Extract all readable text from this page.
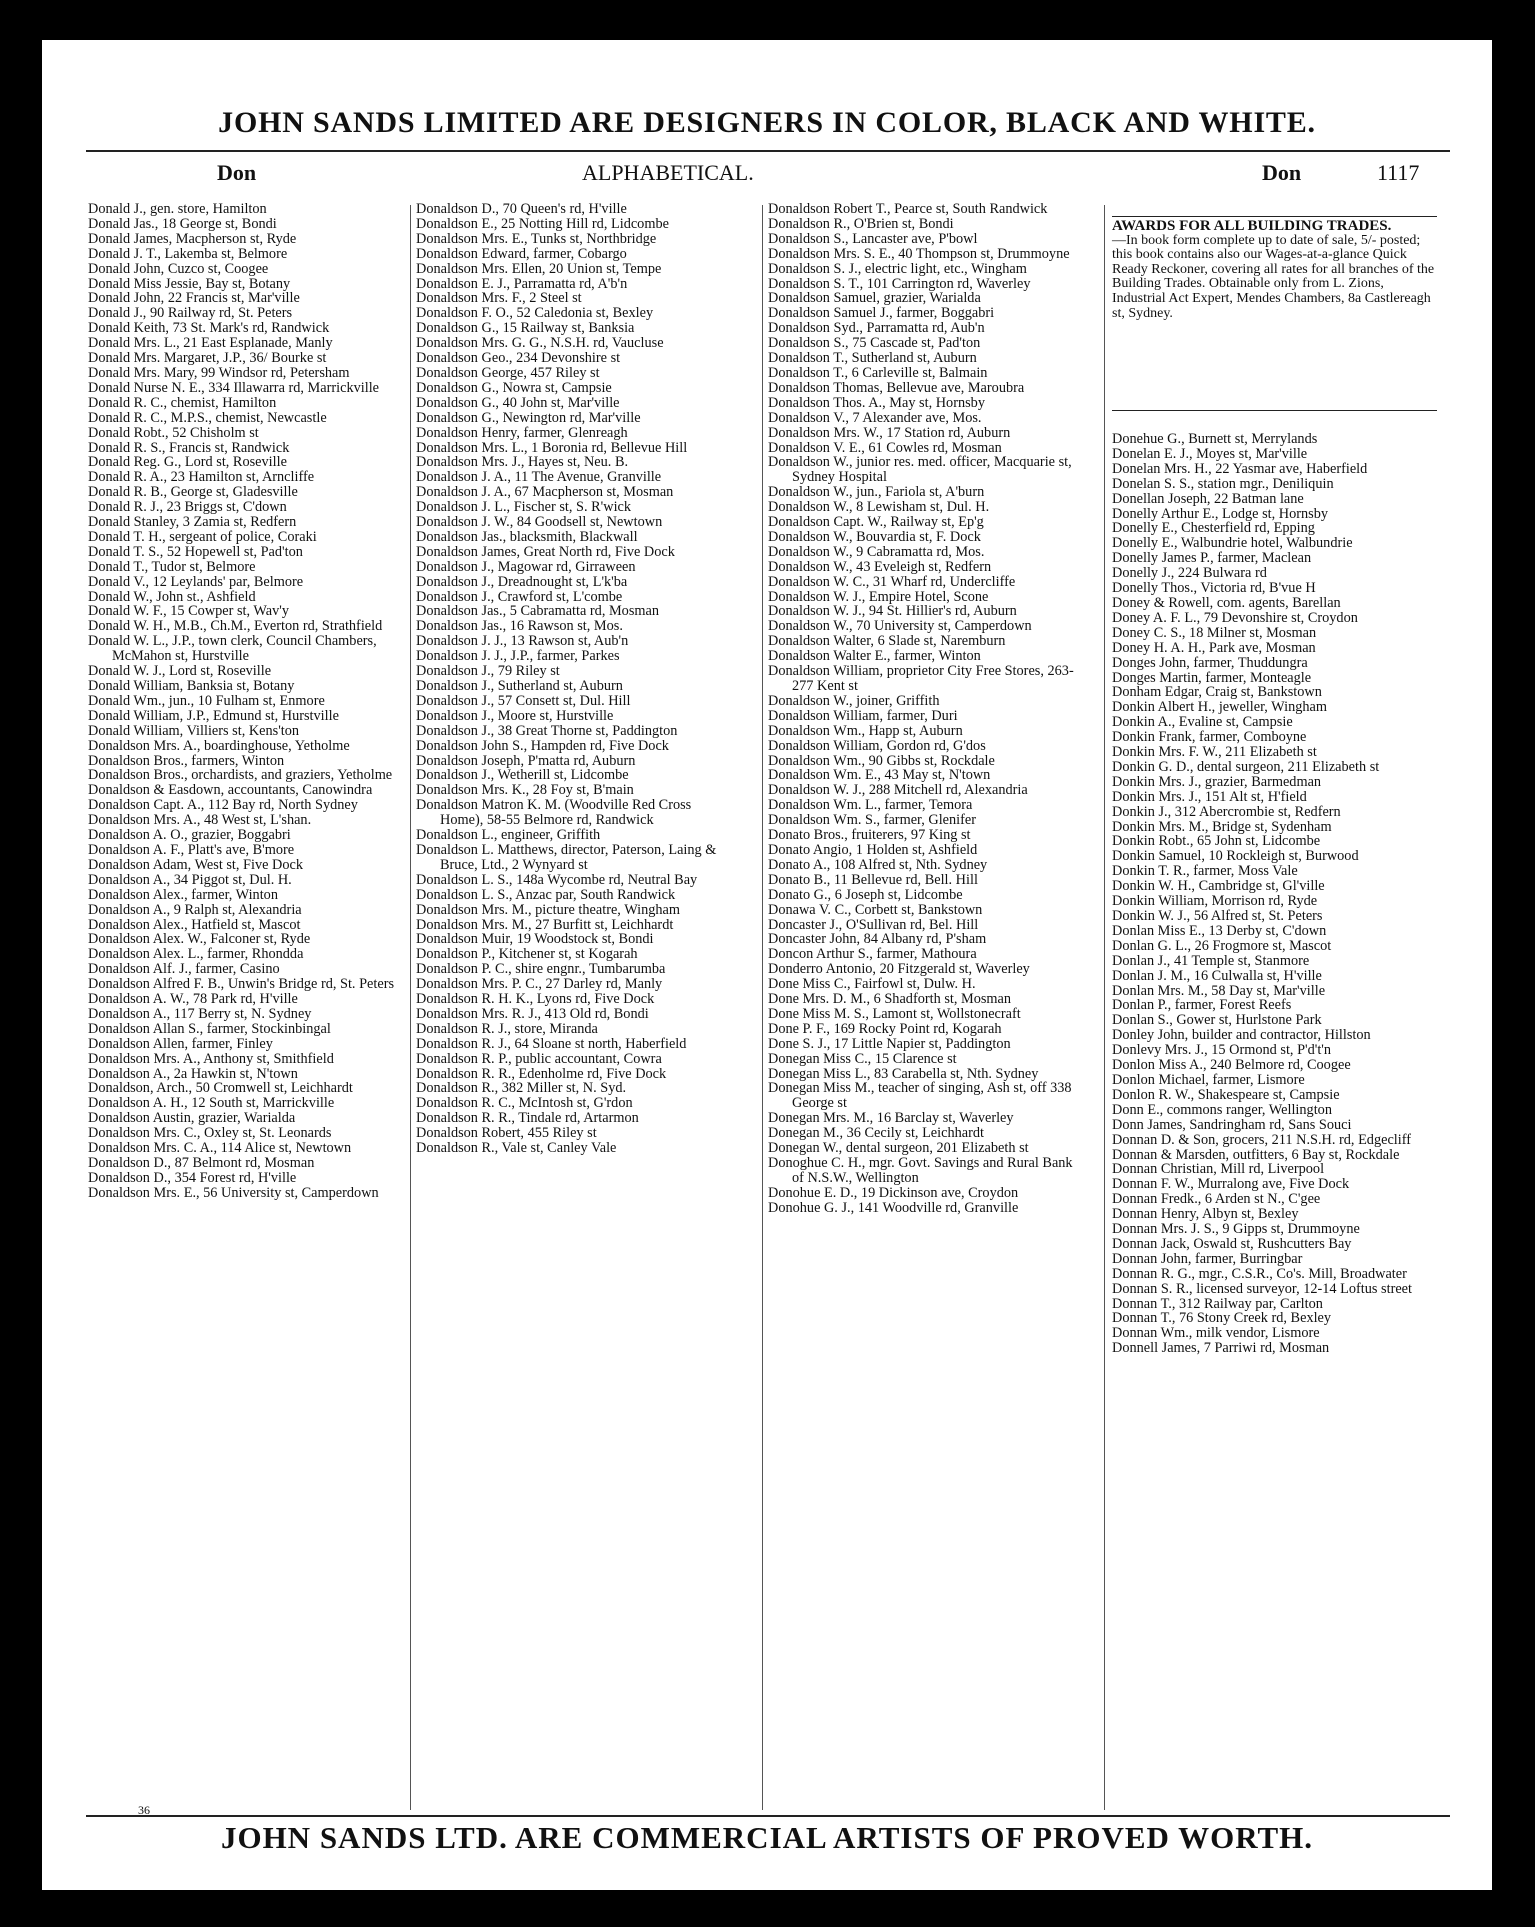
JOHN SANDS LIMITED ARE DESIGNERS IN COLOR, BLACK AND WHITE.
Don	ALPHABETICAL.	Don	1117

Donald J., gen. store, Hamilton

Donald Jas., 18 George st, Bondi

Donald James, Macpherson st, Ryde

Donald J. T., Lakemba st, Belmore

Donald John, Cuzco st, Coogee

Donald Miss Jessie, Bay st, Botany

Donald John, 22 Francis st, Mar'ville

Donald J., 90 Railway rd, St. Peters

Donald Keith, 73 St. Mark's rd, Randwick

Donald Mrs. L., 21 East Esplanade, Manly

Donald Mrs. Margaret, J.P., 36/ Bourke st

Donald Mrs. Mary, 99 Windsor rd, Petersham

Donald Nurse N. E., 334 Illawarra rd, Marrickville

Donald R. C., chemist, Hamilton

Donald R. C., M.P.S., chemist, Newcastle

Donald Robt., 52 Chisholm st

Donald R. S., Francis st, Randwick

Donald Reg. G., Lord st, Roseville

Donald R. A., 23 Hamilton st, Arncliffe

Donald R. B., George st, Gladesville

Donald R. J., 23 Briggs st, C'down

Donald Stanley, 3 Zamia st, Redfern

Donald T. H., sergeant of police, Coraki

Donald T. S., 52 Hopewell st, Pad'ton

Donald T., Tudor st, Belmore

Donald V., 12 Leylands' par, Belmore

Donald W., John st., Ashfield

Donald W. F., 15 Cowper st, Wav'y

Donald W. H., M.B., Ch.M., Everton rd, Strathfield

Donald W. L., J.P., town clerk, Council Chambers, McMahon st, Hurstville

Donald W. J., Lord st, Roseville

Donald William, Banksia st, Botany

Donald Wm., jun., 10 Fulham st, Enmore

Donald William, J.P., Edmund st, Hurstville

Donald William, Villiers st, Kens'ton

Donaldson Mrs. A., boardinghouse, Yetholme

Donaldson Bros., farmers, Winton

Donaldson Bros., orchardists, and graziers, Yetholme

Donaldson & Easdown, accountants, Canowindra

Donaldson Capt. A., 112 Bay rd, North Sydney

Donaldson Mrs. A., 48 West st, L'shan.

Donaldson A. O., grazier, Boggabri

Donaldson A. F., Platt's ave, B'more

Donaldson Adam, West st, Five Dock

Donaldson A., 34 Piggot st, Dul. H.

Donaldson Alex., farmer, Winton

Donaldson A., 9 Ralph st, Alexandria

Donaldson Alex., Hatfield st, Mascot

Donaldson Alex. W., Falconer st, Ryde

Donaldson Alex. L., farmer, Rhondda

Donaldson Alf. J., farmer, Casino

Donaldson Alfred F. B., Unwin's Bridge rd, St. Peters

Donaldson A. W., 78 Park rd, H'ville

Donaldson A., 117 Berry st, N. Sydney

Donaldson Allan S., farmer, Stockinbingal

Donaldson Allen, farmer, Finley

Donaldson Mrs. A., Anthony st, Smithfield

Donaldson A., 2a Hawkin st, N'town

Donaldson, Arch., 50 Cromwell st, Leichhardt

Donaldson A. H., 12 South st, Marrickville

Donaldson Austin, grazier, Warialda

Donaldson Mrs. C., Oxley st, St. Leonards

Donaldson Mrs. C. A., 114 Alice st, Newtown

Donaldson D., 87 Belmont rd, Mosman

Donaldson D., 354 Forest rd, H'ville

Donaldson Mrs. E., 56 University st, Camperdown

Donaldson D., 70 Queen's rd, H'ville

Donaldson E., 25 Notting Hill rd, Lidcombe

Donaldson Mrs. E., Tunks st, Northbridge

Donaldson Edward, farmer, Cobargo

Donaldson Mrs. Ellen, 20 Union st, Tempe

Donaldson E. J., Parramatta rd, A'b'n

Donaldson Mrs. F., 2 Steel st

Donaldson F. O., 52 Caledonia st, Bexley

Donaldson G., 15 Railway st, Banksia

Donaldson Mrs. G. G., N.S.H. rd, Vaucluse

Donaldson Geo., 234 Devonshire st

Donaldson George, 457 Riley st

Donaldson G., Nowra st, Campsie

Donaldson G., 40 John st, Mar'ville

Donaldson G., Newington rd, Mar'ville

Donaldson Henry, farmer, Glenreagh

Donaldson Mrs. L., 1 Boronia rd, Bellevue Hill

Donaldson Mrs. J., Hayes st, Neu. B.

Donaldson J. A., 11 The Avenue, Granville

Donaldson J. A., 67 Macpherson st, Mosman

Donaldson J. L., Fischer st, S. R'wick

Donaldson J. W., 84 Goodsell st, Newtown

Donaldson Jas., blacksmith, Blackwall

Donaldson James, Great North rd, Five Dock

Donaldson J., Magowar rd, Girraween

Donaldson J., Dreadnought st, L'k'ba

Donaldson J., Crawford st, L'combe

Donaldson Jas., 5 Cabramatta rd, Mosman

Donaldson Jas., 16 Rawson st, Mos.

Donaldson J. J., 13 Rawson st, Aub'n

Donaldson J. J., J.P., farmer, Parkes

Donaldson J., 79 Riley st

Donaldson J., Sutherland st, Auburn

Donaldson J., 57 Consett st, Dul. Hill

Donaldson J., Moore st, Hurstville

Donaldson J., 38 Great Thorne st, Paddington

Donaldson John S., Hampden rd, Five Dock

Donaldson Joseph, P'matta rd, Auburn

Donaldson J., Wetherill st, Lidcombe

Donaldson Mrs. K., 28 Foy st, B'main

Donaldson Matron K. M. (Woodville Red Cross Home), 58-55 Belmore rd, Randwick

Donaldson L., engineer, Griffith

Donaldson L. Matthews, director, Paterson, Laing & Bruce, Ltd., 2 Wynyard st

Donaldson L. S., 148a Wycombe rd, Neutral Bay

Donaldson L. S., Anzac par, South Randwick

Donaldson Mrs. M., picture theatre, Wingham

Donaldson Mrs. M., 27 Burfitt st, Leichhardt

Donaldson Muir, 19 Woodstock st, Bondi

Donaldson P., Kitchener st, st Kogarah

Donaldson P. C., shire engnr., Tumbarumba

Donaldson Mrs. P. C., 27 Darley rd, Manly

Donaldson R. H. K., Lyons rd, Five Dock

Donaldson Mrs. R. J., 413 Old rd, Bondi

Donaldson R. J., store, Miranda

Donaldson R. J., 64 Sloane st north, Haberfield

Donaldson R. P., public accountant, Cowra

Donaldson R. R., Edenholme rd, Five Dock

Donaldson R., 382 Miller st, N. Syd.

Donaldson R. C., McIntosh st, G'rdon

Donaldson R. R., Tindale rd, Artarmon

Donaldson Robert, 455 Riley st

Donaldson R., Vale st, Canley Vale

Donaldson Robert T., Pearce st, South Randwick

Donaldson R., O'Brien st, Bondi

Donaldson S., Lancaster ave, P'bowl

Donaldson Mrs. S. E., 40 Thompson st, Drummoyne

Donaldson S. J., electric light, etc., Wingham

Donaldson S. T., 101 Carrington rd, Waverley

Donaldson Samuel, grazier, Warialda

Donaldson Samuel J., farmer, Boggabri

Donaldson Syd., Parramatta rd, Aub'n

Donaldson S., 75 Cascade st, Pad'ton

Donaldson T., Sutherland st, Auburn

Donaldson T., 6 Carleville st, Balmain

Donaldson Thomas, Bellevue ave, Maroubra

Donaldson Thos. A., May st, Hornsby

Donaldson V., 7 Alexander ave, Mos.

Donaldson Mrs. W., 17 Station rd, Auburn

Donaldson V. E., 61 Cowles rd, Mosman

Donaldson W., junior res. med. officer, Macquarie st, Sydney Hospital

Donaldson W., jun., Fariola st, A'burn

Donaldson W., 8 Lewisham st, Dul. H.

Donaldson Capt. W., Railway st, Ep'g

Donaldson W., Bouvardia st, F. Dock

Donaldson W., 9 Cabramatta rd, Mos.

Donaldson W., 43 Eveleigh st, Redfern

Donaldson W. C., 31 Wharf rd, Undercliffe

Donaldson W. J., Empire Hotel, Scone

Donaldson W. J., 94 St. Hillier's rd, Auburn

Donaldson W., 70 University st, Camperdown

Donaldson Walter, 6 Slade st, Naremburn

Donaldson Walter E., farmer, Winton

Donaldson William, proprietor City Free Stores, 263-277 Kent st

Donaldson W., joiner, Griffith

Donaldson William, farmer, Duri

Donaldson Wm., Happ st, Auburn

Donaldson William, Gordon rd, G'dos

Donaldson Wm., 90 Gibbs st, Rockdale

Donaldson Wm. E., 43 May st, N'town

Donaldson W. J., 288 Mitchell rd, Alexandria

Donaldson Wm. L., farmer, Temora

Donaldson Wm. S., farmer, Glenifer

Donato Bros., fruiterers, 97 King st

Donato Angio, 1 Holden st, Ashfield

Donato A., 108 Alfred st, Nth. Sydney

Donato B., 11 Bellevue rd, Bell. Hill

Donato G., 6 Joseph st, Lidcombe

Donawa V. C., Corbett st, Bankstown

Doncaster J., O'Sullivan rd, Bel. Hill

Doncaster John, 84 Albany rd, P'sham

Doncon Arthur S., farmer, Mathoura

Donderro Antonio, 20 Fitzgerald st, Waverley

Done Miss C., Fairfowl st, Dulw. H.

Done Mrs. D. M., 6 Shadforth st, Mosman

Done Miss M. S., Lamont st, Wollstonecraft

Done P. F., 169 Rocky Point rd, Kogarah

Done S. J., 17 Little Napier st, Paddington

Donegan Miss C., 15 Clarence st

Donegan Miss L., 83 Carabella st, Nth. Sydney

Donegan Miss M., teacher of singing, Ash st, off 338 George st

Donegan Mrs. M., 16 Barclay st, Waverley

Donegan M., 36 Cecily st, Leichhardt

Donegan W., dental surgeon, 201 Elizabeth st

Donoghue C. H., mgr. Govt. Savings and Rural Bank of N.S.W., Wellington

Donohue E. D., 19 Dickinson ave, Croydon

Donohue G. J., 141 Woodville rd, Granville

AWARDS FOR ALL BUILDING TRADES.
—In book form complete up to date of sale, 5/- posted; this book contains also our Wages-at-a-glance Quick Ready Reckoner, covering all rates for all branches of the Building Trades. Obtainable only from L. Zions, Industrial Act Expert, Mendes Chambers, 8a Castlereagh st, Sydney.

Donehue G., Burnett st, Merrylands

Donelan E. J., Moyes st, Mar'ville

Donelan Mrs. H., 22 Yasmar ave, Haberfield

Donelan S. S., station mgr., Deniliquin

Donellan Joseph, 22 Batman lane

Donelly Arthur E., Lodge st, Hornsby

Donelly E., Chesterfield rd, Epping

Donelly E., Walbundrie hotel, Walbundrie

Donelly James P., farmer, Maclean

Donelly J., 224 Bulwara rd

Donelly Thos., Victoria rd, B'vue H

Doney & Rowell, com. agents, Barellan

Doney A. F. L., 79 Devonshire st, Croydon

Doney C. S., 18 Milner st, Mosman

Doney H. A. H., Park ave, Mosman

Donges John, farmer, Thuddungra

Donges Martin, farmer, Monteagle

Donham Edgar, Craig st, Bankstown

Donkin Albert H., jeweller, Wingham

Donkin A., Evaline st, Campsie

Donkin Frank, farmer, Comboyne

Donkin Mrs. F. W., 211 Elizabeth st

Donkin G. D., dental surgeon, 211 Elizabeth st

Donkin Mrs. J., grazier, Barmedman

Donkin Mrs. J., 151 Alt st, H'field

Donkin J., 312 Abercrombie st, Redfern

Donkin Mrs. M., Bridge st, Sydenham

Donkin Robt., 65 John st, Lidcombe

Donkin Samuel, 10 Rockleigh st, Burwood

Donkin T. R., farmer, Moss Vale

Donkin W. H., Cambridge st, Gl'ville

Donkin William, Morrison rd, Ryde

Donkin W. J., 56 Alfred st, St. Peters

Donlan Miss E., 13 Derby st, C'down

Donlan G. L., 26 Frogmore st, Mascot

Donlan J., 41 Temple st, Stanmore

Donlan J. M., 16 Culwalla st, H'ville

Donlan Mrs. M., 58 Day st, Mar'ville

Donlan P., farmer, Forest Reefs

Donlan S., Gower st, Hurlstone Park

Donley John, builder and contractor, Hillston

Donlevy Mrs. J., 15 Ormond st, P'd't'n

Donlon Miss A., 240 Belmore rd, Coogee

Donlon Michael, farmer, Lismore

Donlon R. W., Shakespeare st, Campsie

Donn E., commons ranger, Wellington

Donn James, Sandringham rd, Sans Souci

Donnan D. & Son, grocers, 211 N.S.H. rd, Edgecliff

Donnan & Marsden, outfitters, 6 Bay st, Rockdale

Donnan Christian, Mill rd, Liverpool

Donnan F. W., Murralong ave, Five Dock

Donnan Fredk., 6 Arden st N., C'gee

Donnan Henry, Albyn st, Bexley

Donnan Mrs. J. S., 9 Gipps st, Drummoyne

Donnan Jack, Oswald st, Rushcutters Bay

Donnan John, farmer, Burringbar

Donnan R. G., mgr., C.S.R., Co's. Mill, Broadwater

Donnan S. R., licensed surveyor, 12-14 Loftus street

Donnan T., 312 Railway par, Carlton

Donnan T., 76 Stony Creek rd, Bexley

Donnan Wm., milk vendor, Lismore

Donnell James, 7 Parriwi rd, Mosman

36
JOHN SANDS LTD. ARE COMMERCIAL ARTISTS OF PROVED WORTH.
